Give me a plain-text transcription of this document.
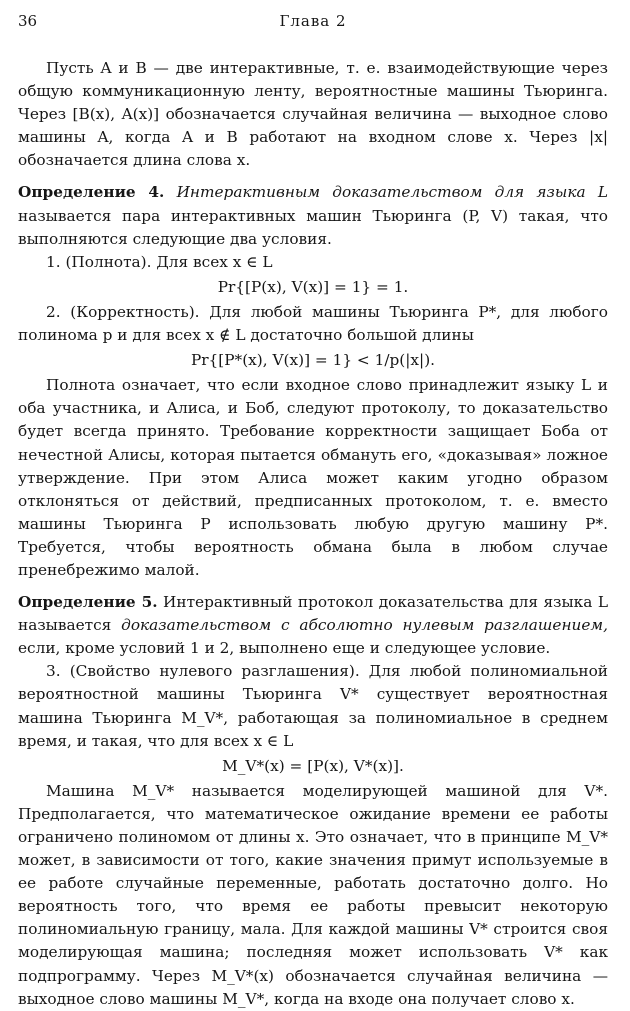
36	Глава 2

Пусть A и B — две интерактивные, т. е. взаимодействующие через общую коммуникационную ленту, вероятностные машины Тьюринга. Через [B(x), A(x)] обозначается случайная величина — выходное слово машины A, когда A и B работают на входном слове x. Через |x| обозначается длина слова x.

Определение 4. Интерактивным доказательством для языка L называется пара интерактивных машин Тьюринга (P, V) такая, что выполняются следующие два условия.

1. (Полнота). Для всех x ∈ L

Pr{[P(x), V(x)] = 1} = 1.

2. (Корректность). Для любой машины Тьюринга P*, для любого полинома p и для всех x ∉ L достаточно большой длины

Pr{[P*(x), V(x)] = 1} < 1/p(|x|).

Полнота означает, что если входное слово принадлежит языку L и оба участника, и Алиса, и Боб, следуют протоколу, то доказательство будет всегда принято. Требование корректности защищает Боба от нечестной Алисы, которая пытается обмануть его, «доказывая» ложное утверждение. При этом Алиса может каким угодно образом отклоняться от действий, предписанных протоколом, т. е. вместо машины Тьюринга P использовать любую другую машину P*. Требуется, чтобы вероятность обмана была в любом случае пренебрежимо малой.

Определение 5. Интерактивный протокол доказательства для языка L называется доказательством с абсолютно нулевым разглашением, если, кроме условий 1 и 2, выполнено еще и следующее условие.

3. (Свойство нулевого разглашения). Для любой полиномиальной вероятностной машины Тьюринга V* существует вероятностная машина Тьюринга M_V*, работающая за полиномиальное в среднем время, и такая, что для всех x ∈ L

M_V*(x) = [P(x), V*(x)].

Машина M_V* называется моделирующей машиной для V*. Предполагается, что математическое ожидание времени ее работы ограничено полиномом от длины x. Это означает, что в принципе M_V* может, в зависимости от того, какие значения примут используемые в ее работе случайные переменные, работать достаточно долго. Но вероятность того, что время ее работы превысит некоторую полиномиальную границу, мала. Для каждой машины V* строится своя моделирующая машина; последняя может использовать V* как подпрограмму. Через M_V*(x) обозначается случайная величина — выходное слово машины M_V*, когда на входе она получает слово x.
